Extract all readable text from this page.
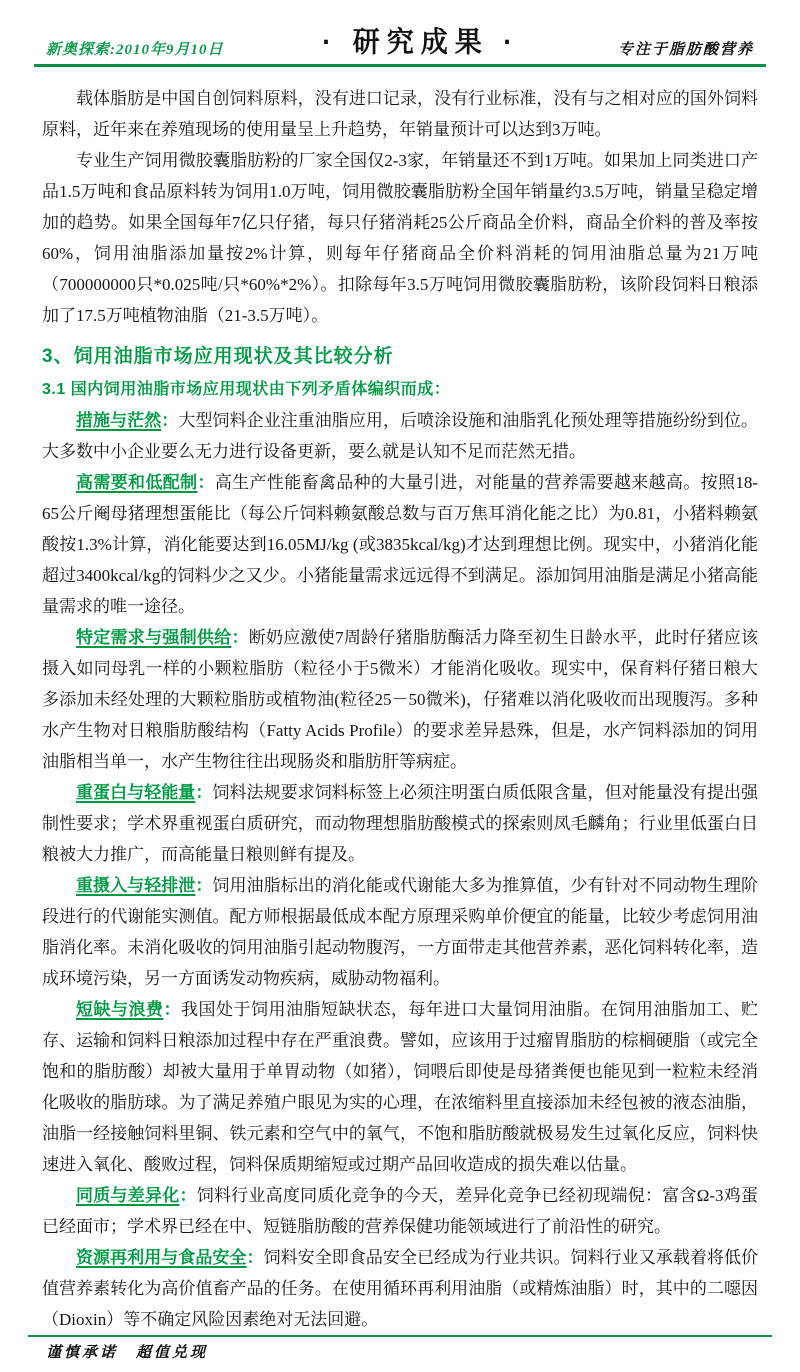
新奥探索:2010年9月10日	· 研究成果 ·	专注于脂肪酸营养

载体脂肪是中国自创饲料原料，没有进口记录，没有行业标准，没有与之相对应的国外饲料原料，近年来在养殖现场的使用量呈上升趋势，年销量预计可以达到3万吨。

专业生产饲用微胶囊脂肪粉的厂家全国仅2-3家，年销量还不到1万吨。如果加上同类进口产品1.5万吨和食品原料转为饲用1.0万吨，饲用微胶囊脂肪粉全国年销量约3.5万吨，销量呈稳定增加的趋势。如果全国每年7亿只仔猪，每只仔猪消耗25公斤商品全价料，商品全价料的普及率按60%，饲用油脂添加量按2%计算，则每年仔猪商品全价料消耗的饲用油脂总量为21万吨（700000000只*0.025吨/只*60%*2%）。扣除每年3.5万吨饲用微胶囊脂肪粉，该阶段饲料日粮添加了17.5万吨植物油脂（21-3.5万吨）。

3、饲用油脂市场应用现状及其比较分析
3.1 国内饲用油脂市场应用现状由下列矛盾体编织而成：

措施与茫然：大型饲料企业注重油脂应用，后喷涂设施和油脂乳化预处理等措施纷纷到位。大多数中小企业要么无力进行设备更新，要么就是认知不足而茫然无措。

高需要和低配制：高生产性能畜禽品种的大量引进，对能量的营养需要越来越高。按照18-65公斤阉母猪理想蛋能比（每公斤饲料赖氨酸总数与百万焦耳消化能之比）为0.81，小猪料赖氨酸按1.3%计算，消化能要达到16.05MJ/kg (或3835kcal/kg)才达到理想比例。现实中，小猪消化能超过3400kcal/kg的饲料少之又少。小猪能量需求远远得不到满足。添加饲用油脂是满足小猪高能量需求的唯一途径。

特定需求与强制供给：断奶应激使7周龄仔猪脂肪酶活力降至初生日龄水平，此时仔猪应该摄入如同母乳一样的小颗粒脂肪（粒径小于5微米）才能消化吸收。现实中，保育料仔猪日粮大多添加未经处理的大颗粒脂肪或植物油(粒径25－50微米)，仔猪难以消化吸收而出现腹泻。多种水产生物对日粮脂肪酸结构（Fatty Acids Profile）的要求差异悬殊，但是，水产饲料添加的饲用油脂相当单一，水产生物往往出现肠炎和脂肪肝等病症。

重蛋白与轻能量：饲料法规要求饲料标签上必须注明蛋白质低限含量，但对能量没有提出强制性要求；学术界重视蛋白质研究，而动物理想脂肪酸模式的探索则凤毛麟角；行业里低蛋白日粮被大力推广，而高能量日粮则鲜有提及。

重摄入与轻排泄：饲用油脂标出的消化能或代谢能大多为推算值，少有针对不同动物生理阶段进行的代谢能实测值。配方师根据最低成本配方原理采购单价便宜的能量，比较少考虑饲用油脂消化率。未消化吸收的饲用油脂引起动物腹泻，一方面带走其他营养素，恶化饲料转化率，造成环境污染，另一方面诱发动物疾病，威胁动物福利。

短缺与浪费：我国处于饲用油脂短缺状态，每年进口大量饲用油脂。在饲用油脂加工、贮存、运输和饲料日粮添加过程中存在严重浪费。譬如，应该用于过瘤胃脂肪的棕榈硬脂（或完全饱和的脂肪酸）却被大量用于单胃动物（如猪），饲喂后即使是母猪粪便也能见到一粒粒未经消化吸收的脂肪球。为了满足养殖户眼见为实的心理，在浓缩料里直接添加未经包被的液态油脂，油脂一经接触饲料里铜、铁元素和空气中的氧气，不饱和脂肪酸就极易发生过氧化反应，饲料快速进入氧化、酸败过程，饲料保质期缩短或过期产品回收造成的损失难以估量。

同质与差异化：饲料行业高度同质化竞争的今天，差异化竞争已经初现端倪：富含Ω-3鸡蛋已经面市；学术界已经在中、短链脂肪酸的营养保健功能领域进行了前沿性的研究。

资源再利用与食品安全：饲料安全即食品安全已经成为行业共识。饲料行业又承载着将低价值营养素转化为高价值畜产品的任务。在使用循环再利用油脂（或精炼油脂）时，其中的二噁因（Dioxin）等不确定风险因素绝对无法回避。

谨慎承诺　超值兑现
